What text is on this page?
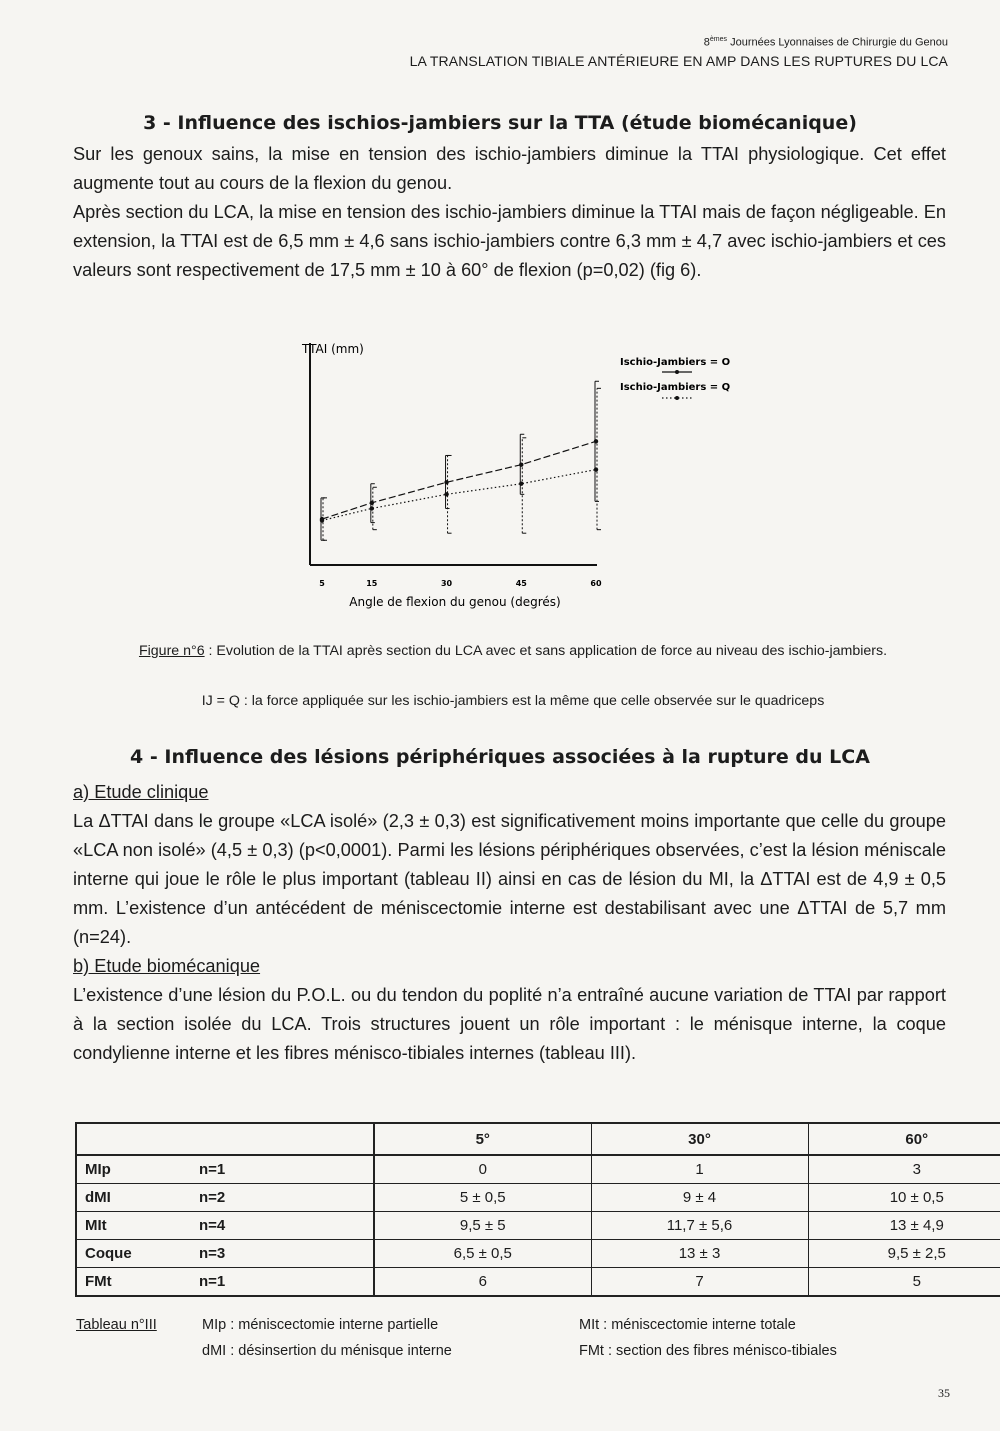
8èmes Journées Lyonnaises de Chirurgie du Genou
LA TRANSLATION TIBIALE ANTÉRIEURE EN AMP DANS LES RUPTURES DU LCA
3 - Influence des ischios-jambiers sur la TTA (étude biomécanique)

Sur les genoux sains, la mise en tension des ischio-jambiers diminue la TTAI physiologique. Cet effet augmente tout au cours de la flexion du genou.

Après section du LCA, la mise en tension des ischio-jambiers diminue la TTAI mais de façon négligeable. En extension, la TTAI est de 6,5 mm ± 4,6 sans ischio-jambiers contre 6,3 mm ± 4,7 avec ischio-jambiers et ces valeurs sont respectivement de 17,5 mm ± 10 à 60° de flexion (p=0,02) (fig 6).

TTAI (mm)
Angle de flexion du genou (degrés)
5	15	30	45	60
Ischio-Jambiers = O
Ischio-Jambiers = Q
Figure n°6 : Evolution de la TTAI après section du LCA avec et sans application de force au niveau des ischio-jambiers.
IJ = Q : la force appliquée sur les ischio-jambiers est la même que celle observée sur le quadriceps
4 - Influence des lésions périphériques associées à la rupture du LCA

a) Etude clinique

La ΔTTAI dans le groupe «LCA isolé» (2,3 ± 0,3) est significativement moins importante que celle du groupe «LCA non isolé» (4,5 ± 0,3) (p<0,0001). Parmi les lésions périphériques observées, c’est la lésion méniscale interne qui joue le rôle le plus important (tableau II) ainsi en cas de lésion du MI, la ΔTTAI est de 4,9 ± 0,5 mm. L’existence d’un antécédent de méniscectomie interne est destabilisant avec une ΔTTAI de 5,7 mm (n=24).

b) Etude biomécanique

L’existence d’une lésion du P.O.L. ou du tendon du poplité n’a entraîné aucune variation de TTAI par rapport à la section isolée du LCA. Trois structures jouent un rôle important : le ménisque interne, la coque condylienne interne et les fibres ménisco-tibiales internes (tableau III).

		5°	30°	60°
MIp	n=1	0	1	3
dMI	n=2	5 ± 0,5	9 ± 4	10 ± 0,5
MIt	n=4	9,5 ± 5	11,7 ± 5,6	13 ± 4,9
Coque	n=3	6,5 ± 0,5	13 ± 3	9,5 ± 2,5
FMt	n=1	6	7	5
Tableau n°III	MIp : méniscectomie interne partielle
dMI : désinsertion du ménisque interne
MIt : méniscectomie interne totale
FMt : section des fibres ménisco-tibiales
35
